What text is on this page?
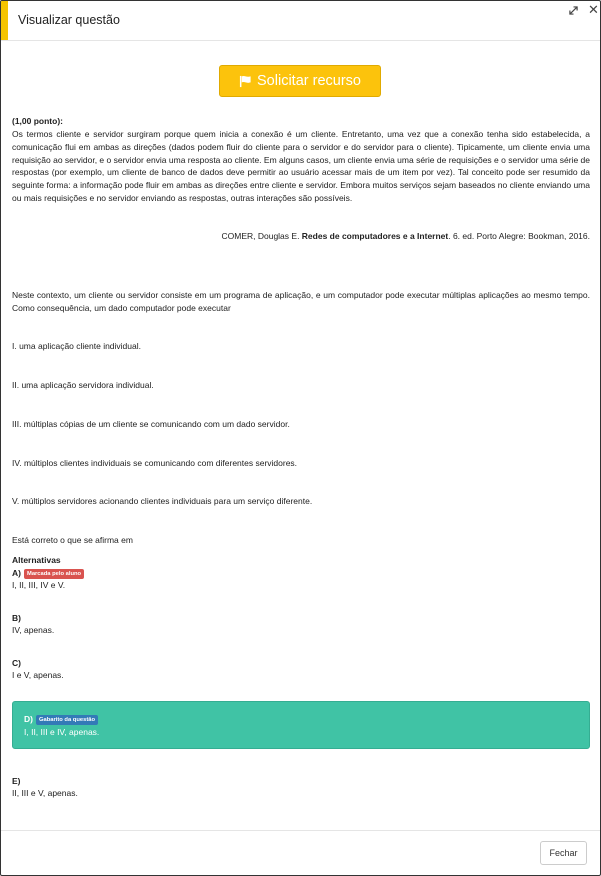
Visualizar questão
✕
Solicitar recurso
(1,00 ponto):
Os termos cliente e servidor surgiram porque quem inicia a conexão é um cliente. Entretanto, uma vez que a conexão tenha sido estabelecida, a comunicação flui em ambas as direções (dados podem fluir do cliente para o servidor e do servidor para o cliente). Tipicamente, um cliente envia uma requisição ao servidor, e o servidor envia uma resposta ao cliente. Em alguns casos, um cliente envia uma série de requisições e o servidor uma série de respostas (por exemplo, um cliente de banco de dados deve permitir ao usuário acessar mais de um item por vez). Tal conceito pode ser resumido da seguinte forma: a informação pode fluir em ambas as direções entre cliente e servidor. Embora muitos serviços sejam baseados no cliente enviando uma ou mais requisições e no servidor enviando as respostas, outras interações são possíveis.
COMER, Douglas E. Redes de computadores e a Internet. 6. ed. Porto Alegre: Bookman, 2016.
Neste contexto, um cliente ou servidor consiste em um programa de aplicação, e um computador pode executar múltiplas aplicações ao mesmo tempo. Como consequência, um dado computador pode executar
I. uma aplicação cliente individual.
II. uma aplicação servidora individual.
III. múltiplas cópias de um cliente se comunicando com um dado servidor.
IV. múltiplos clientes individuais se comunicando com diferentes servidores.
V. múltiplos servidores acionando clientes individuais para um serviço diferente.
Está correto o que se afirma em
Alternativas
A) Marcada pelo aluno
I, II, III, IV e V.
B)
IV, apenas.
C)
I e V, apenas.
D) Gabarito da questão
I, II, III e IV, apenas.
E)
II, III e V, apenas.
Fechar
